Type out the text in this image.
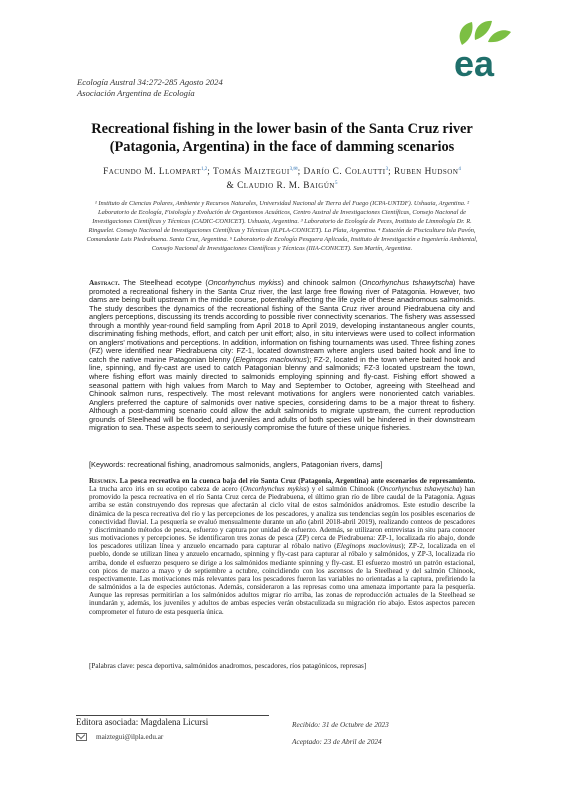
ea
Ecología Austral 34:272-285 Agosto 2024
Asociación Argentina de Ecología
Recreational fishing in the lower basin of the Santa Cruz river (Patagonia, Argentina) in the face of damming scenarios
Facundo M. Llompart$^{1,2}$; Tomás Maiztegui$^{3,✉}$; Darío C. Colautti$^3$; Ruben Hudson$^4$
& Claudio R. M. Baigún$^5$
¹ Instituto de Ciencias Polares, Ambiente y Recursos Naturales, Universidad Nacional de Tierra del Fuego (ICPA-UNTDF). Ushuaia, Argentina. ² Laboratorio de Ecología, Fisiología y Evolución de Organismos Acuáticos, Centro Austral de Investigaciones Científicas, Consejo Nacional de Investigaciones Científicas y Técnicas (CADIC-CONICET). Ushuaia, Argentina. ³ Laboratorio de Ecología de Peces, Instituto de Limnología Dr. R. Ringuelet. Consejo Nacional de Investigaciones Científicas y Técnicas (ILPLA-CONICET). La Plata, Argentina. ⁴ Estación de Piscicultura Isla Pavón, Comandante Luis Piedrabuena. Santa Cruz, Argentina. ⁵ Laboratorio de Ecología Pesquera Aplicada, Instituto de Investigación e Ingeniería Ambiental, Consejo Nacional de Investigaciones Científicas y Técnicas (IIIA-CONICET). San Martín, Argentina.
Abstract. The Steelhead ecotype (Oncorhynchus mykiss) and chinook salmon (Oncorhynchus tshawytscha) have promoted a recreational fishery in the Santa Cruz river, the last large free flowing river of Patagonia. However, two dams are being built upstream in the middle course, potentially affecting the life cycle of these anadromous salmonids. The study describes the dynamics of the recreational fishing of the Santa Cruz river around Piedrabuena city and anglers perceptions, discussing its trends according to possible river connectivity scenarios. The fishery was assessed through a monthly year-round field sampling from April 2018 to April 2019, developing instantaneous angler counts, discriminating fishing methods, effort, and catch per unit effort; also, in situ interviews were used to collect information on anglers' motivations and perceptions. In addition, information on fishing tournaments was used. Three fishing zones (FZ) were identified near Piedrabuena city: FZ-1, located downstream where anglers used baited hook and line to catch the native marine Patagonian blenny (Eleginops maclovinus); FZ-2, located in the town where baited hook and line, spinning, and fly-cast are used to catch Patagonian blenny and salmonids; FZ-3 located upstream the town, where fishing effort was mainly directed to salmonids employing spinning and fly-cast. Fishing effort showed a seasonal pattern with high values from March to May and September to October, agreeing with Steelhead and Chinook salmon runs, respectively. The most relevant motivations for anglers were nonoriented catch variables. Anglers preferred the capture of salmonids over native species, considering dams to be a major threat to fishery. Although a post-damming scenario could allow the adult salmonids to migrate upstream, the current reproduction grounds of Steelhead will be flooded, and juveniles and adults of both species will be hindered in their downstream migration to sea. These aspects seem to seriously compromise the future of these unique fisheries.
[Keywords: recreational fishing, anadromous salmonids, anglers, Patagonian rivers, dams]
Resumen. La pesca recreativa en la cuenca baja del río Santa Cruz (Patagonia, Argentina) ante escenarios de represamiento. La trucha arco iris en su ecotipo cabeza de acero (Oncorhynchus mykiss) y el salmón Chinook (Oncorhynchus tshawytscha) han promovido la pesca recreativa en el río Santa Cruz cerca de Piedrabuena, el último gran río de libre caudal de la Patagonia. Aguas arriba se están construyendo dos represas que afectarán al ciclo vital de estos salmónidos anádromos. Este estudio describe la dinámica de la pesca recreativa del río y las percepciones de los pescadores, y analiza sus tendencias según los posibles escenarios de conectividad fluvial. La pesquería se evaluó mensualmente durante un año (abril 2018-abril 2019), realizando conteos de pescadores y discriminando métodos de pesca, esfuerzo y captura por unidad de esfuerzo. Además, se utilizaron entrevistas in situ para conocer sus motivaciones y percepciones. Se identificaron tres zonas de pesca (ZP) cerca de Piedrabuena: ZP-1, localizada río abajo, donde los pescadores utilizan línea y anzuelo encarnado para capturar al róbalo nativo (Eleginops maclovinus); ZP-2, localizada en el pueblo, donde se utilizan línea y anzuelo encarnado, spinning y fly-cast para capturar al róbalo y salmónidos, y ZP-3, localizada río arriba, donde el esfuerzo pesquero se dirige a los salmónidos mediante spinning y fly-cast. El esfuerzo mostró un patrón estacional, con picos de marzo a mayo y de septiembre a octubre, coincidiendo con los ascensos de la Steelhead y del salmón Chinook, respectivamente. Las motivaciones más relevantes para los pescadores fueron las variables no orientadas a la captura, prefiriendo la de salmónidos a la de especies autóctonas. Además, consideraron a las represas como una amenaza importante para la pesquería. Aunque las represas permitirían a los salmónidos adultos migrar río arriba, las zonas de reproducción actuales de la Steelhead se inundarán y, además, los juveniles y adultos de ambas especies verán obstaculizada su migración río abajo. Estos aspectos parecen comprometer el futuro de esta pesquería única.
[Palabras clave: pesca deportiva, salmónidos anadromos, pescadores, ríos patagónicos, represas]
Editora asociada: Magdalena Licursi
maiztegui@ilpla.edu.ar
Recibido: 31 de Octubre de 2023
Aceptado: 23 de Abril de 2024
